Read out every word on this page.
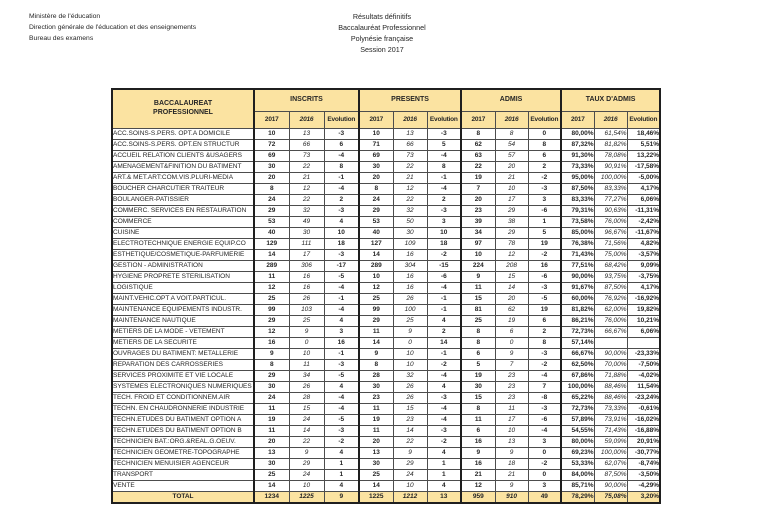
Ministère de l'éducation
Direction générale de l'éducation et des enseignements
Bureau des examens
Résultats définitifs
Baccalauréat Professionnel
Polynésie française
Session 2017
BACCALAUREAT PROFESSIONNEL	INSCRITS			PRESENTS			ADMIS			TAUX D'ADMIS		
	2017	2016	Evolution	2017	2016	Evolution	2017	2016	Evolution	2017	2016	Evolution
ACC.SOINS-S.PERS. OPT.A DOMICILE	10	13	-3	10	13	-3	8	8	0	80,00%	61,54%	18,46%
ACC.SOINS-S.PERS. OPT.EN STRUCTUR	72	66	6	71	66	5	62	54	8	87,32%	81,82%	5,51%
ACCUEIL RELATION CLIENTS &USAGERS	69	73	-4	69	73	-4	63	57	6	91,30%	78,08%	13,22%
AMENAGEMENT&FINITION DU BATIMENT	30	22	8	30	22	8	22	20	2	73,33%	90,91%	-17,58%
ART.& MET.ART:COM.VIS.PLURI-MEDIA	20	21	-1	20	21	-1	19	21	-2	95,00%	100,00%	-5,00%
BOUCHER CHARCUTIER TRAITEUR	8	12	-4	8	12	-4	7	10	-3	87,50%	83,33%	4,17%
BOULANGER-PATISSIER	24	22	2	24	22	2	20	17	3	83,33%	77,27%	6,06%
COMMERC. SERVICES EN RESTAURATION	29	32	-3	29	32	-3	23	29	-6	79,31%	90,63%	-11,31%
COMMERCE	53	49	4	53	50	3	39	38	1	73,58%	76,00%	-2,42%
CUISINE	40	30	10	40	30	10	34	29	5	85,00%	96,67%	-11,67%
ELECTROTECHNIQUE ENERGIE EQUIP.CO	129	111	18	127	109	18	97	78	19	76,38%	71,56%	4,82%
ESTHETIQUE/COSMETIQUE-PARFUMERIE	14	17	-3	14	16	-2	10	12	-2	71,43%	75,00%	-3,57%
GESTION - ADMINISTRATION	289	306	-17	289	304	-15	224	208	16	77,51%	68,42%	9,09%
HYGIENE PROPRETE STERILISATION	11	16	-5	10	16	-6	9	15	-6	90,00%	93,75%	-3,75%
LOGISTIQUE	12	16	-4	12	16	-4	11	14	-3	91,67%	87,50%	4,17%
MAINT.VEHIC.OPT A VOIT.PARTICUL.	25	26	-1	25	26	-1	15	20	-5	60,00%	76,92%	-16,92%
MAINTENANCE EQUIPEMENTS INDUSTR.	99	103	-4	99	100	-1	81	62	19	81,82%	62,00%	19,82%
MAINTENANCE NAUTIQUE	29	25	4	29	25	4	25	19	6	86,21%	76,00%	10,21%
METIERS DE LA MODE - VETEMENT	12	9	3	11	9	2	8	6	2	72,73%	66,67%	6,06%
METIERS DE LA SECURITE	16	0	16	14	0	14	8	0	8	57,14%		
OUVRAGES DU BATIMENT: METALLERIE	9	10	-1	9	10	-1	6	9	-3	66,67%	90,00%	-23,33%
REPARATION DES CARROSSERIES	8	11	-3	8	10	-2	5	7	-2	62,50%	70,00%	-7,50%
SERVICES PROXIMITE ET VIE LOCALE	29	34	-5	28	32	-4	19	23	-4	67,86%	71,88%	-4,02%
SYSTEMES ELECTRONIQUES NUMERIQUES	30	26	4	30	26	4	30	23	7	100,00%	88,46%	11,54%
TECH. FROID ET CONDITIONNEM.AIR	24	28	-4	23	26	-3	15	23	-8	65,22%	88,46%	-23,24%
TECHN. EN CHAUDRONNERIE INDUSTRIE	11	15	-4	11	15	-4	8	11	-3	72,73%	73,33%	-0,61%
TECHN.ETUDES DU BATIMENT OPTION A	19	24	-5	19	23	-4	11	17	-6	57,89%	73,91%	-16,02%
TECHN.ETUDES DU BATIMENT OPTION B	11	14	-3	11	14	-3	6	10	-4	54,55%	71,43%	-16,88%
TECHNICIEN BAT.:ORG.&REAL.G.OEUV.	20	22	-2	20	22	-2	16	13	3	80,00%	59,09%	20,91%
TECHNICIEN GEOMETRE-TOPOGRAPHE	13	9	4	13	9	4	9	9	0	69,23%	100,00%	-30,77%
TECHNICIEN MENUISIER AGENCEUR	30	29	1	30	29	1	16	18	-2	53,33%	62,07%	-8,74%
TRANSPORT	25	24	1	25	24	1	21	21	0	84,00%	87,50%	-3,50%
VENTE	14	10	4	14	10	4	12	9	3	85,71%	90,00%	-4,29%
TOTAL	1234	1225	9	1225	1212	13	959	910	49	78,29%	75,08%	3,20%
